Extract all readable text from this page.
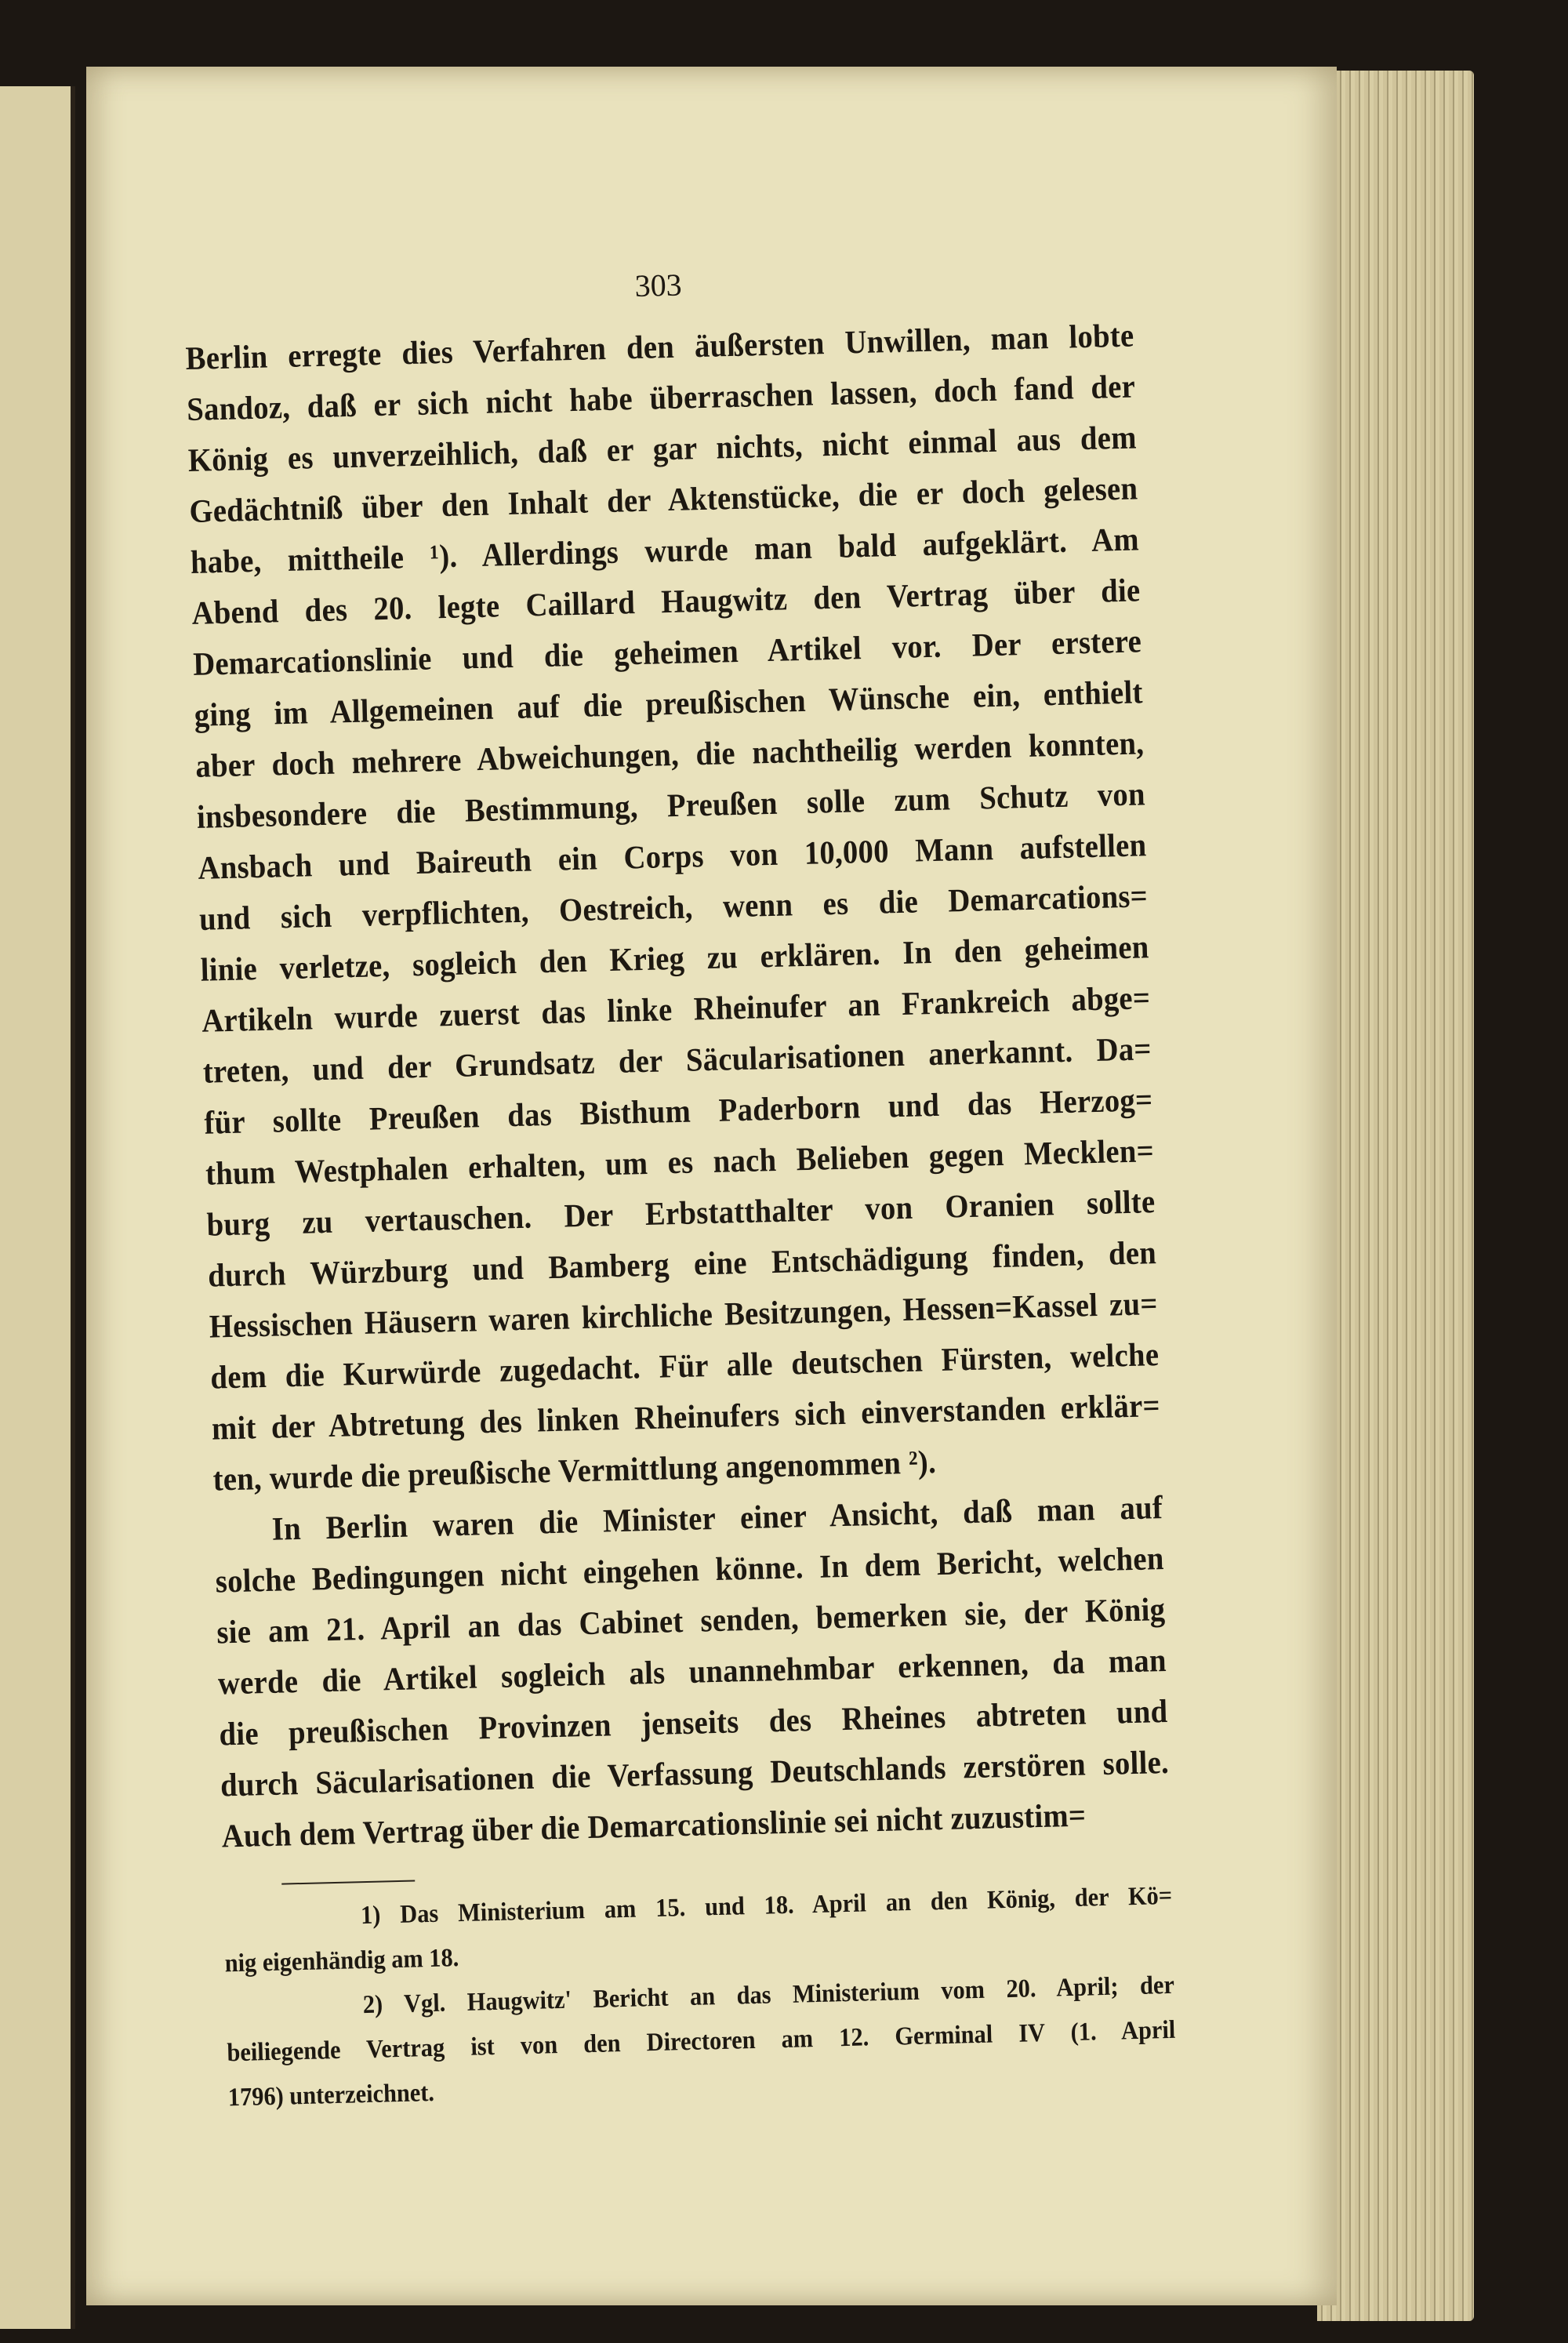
303
Berlin erregte dies Verfahren den äußersten Unwillen, man lobte
Sandoz, daß er sich nicht habe überraschen lassen, doch fand der
König es unverzeihlich, daß er gar nichts, nicht einmal aus dem
Gedächtniß über den Inhalt der Aktenstücke, die er doch gelesen
habe, mittheile ¹). Allerdings wurde man bald aufgeklärt. Am
Abend des 20. legte Caillard Haugwitz den Vertrag über die
Demarcationslinie und die geheimen Artikel vor. Der erstere
ging im Allgemeinen auf die preußischen Wünsche ein, enthielt
aber doch mehrere Abweichungen, die nachtheilig werden konnten,
insbesondere die Bestimmung, Preußen solle zum Schutz von
Ansbach und Baireuth ein Corps von 10,000 Mann aufstellen
und sich verpflichten, Oestreich, wenn es die Demarcations=
linie verletze, sogleich den Krieg zu erklären. In den geheimen
Artikeln wurde zuerst das linke Rheinufer an Frankreich abge=
treten, und der Grundsatz der Säcularisationen anerkannt. Da=
für sollte Preußen das Bisthum Paderborn und das Herzog=
thum Westphalen erhalten, um es nach Belieben gegen Mecklen=
burg zu vertauschen. Der Erbstatthalter von Oranien sollte
durch Würzburg und Bamberg eine Entschädigung finden, den
Hessischen Häusern waren kirchliche Besitzungen, Hessen=Kassel zu=
dem die Kurwürde zugedacht. Für alle deutschen Fürsten, welche
mit der Abtretung des linken Rheinufers sich einverstanden erklär=
ten, wurde die preußische Vermittlung angenommen ²).
In Berlin waren die Minister einer Ansicht, daß man auf
solche Bedingungen nicht eingehen könne. In dem Bericht, welchen
sie am 21. April an das Cabinet senden, bemerken sie, der König
werde die Artikel sogleich als unannehmbar erkennen, da man
die preußischen Provinzen jenseits des Rheines abtreten und
durch Säcularisationen die Verfassung Deutschlands zerstören solle.
Auch dem Vertrag über die Demarcationslinie sei nicht zuzustim=
1) Das Ministerium am 15. und 18. April an den König, der Kö=
nig eigenhändig am 18.
2) Vgl. Haugwitz' Bericht an das Ministerium vom 20. April; der
beiliegende Vertrag ist von den Directoren am 12. Germinal IV (1. April
1796) unterzeichnet.
